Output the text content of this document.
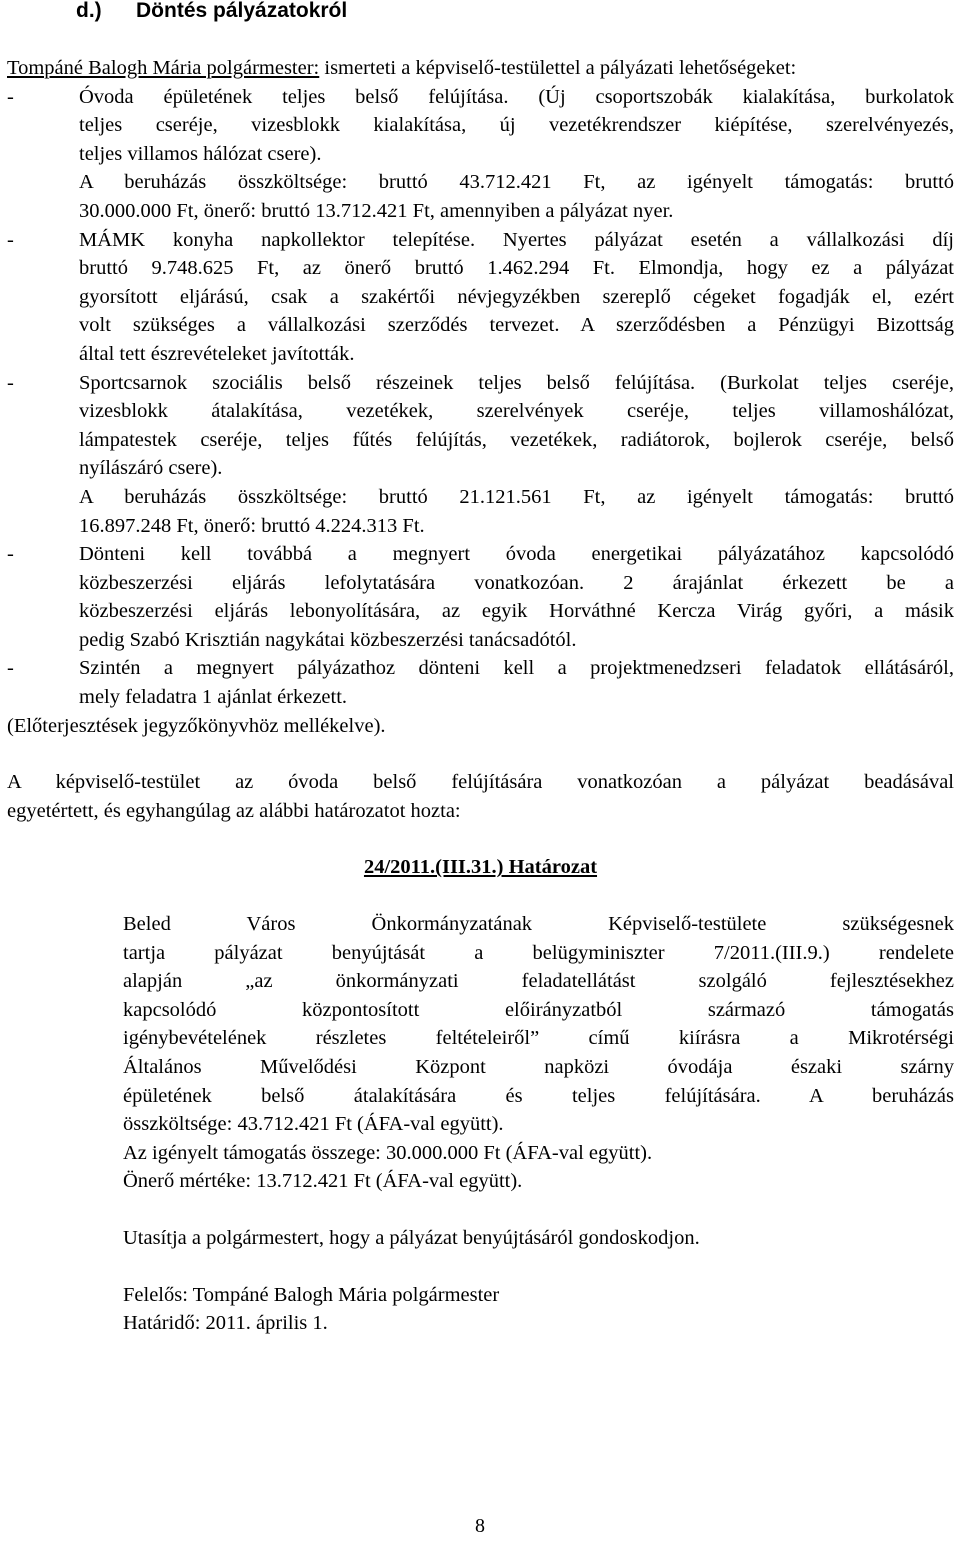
d.) Döntés pályázatokról

Tompáné Balogh Mária polgármester: ismerteti a képviselő-testülettel a pályázati lehetőségeket:

-	Óvoda épületének teljes belső felújítása. (Új csoportszobák kialakítása, burkolatok
teljes cseréje, vizesblokk kialakítása, új vezetékrendszer kiépítése, szerelvényezés,
teljes villamos hálózat csere).
A beruházás összköltsége: bruttó 43.712.421 Ft, az igényelt támogatás: bruttó
30.000.000 Ft, önerő: bruttó 13.712.421 Ft, amennyiben a pályázat nyer.
-	MÁMK konyha napkollektor telepítése. Nyertes pályázat esetén a vállalkozási díj
bruttó 9.748.625 Ft, az önerő bruttó 1.462.294 Ft. Elmondja, hogy ez a pályázat
gyorsított eljárású, csak a szakértői névjegyzékben szereplő cégeket fogadják el, ezért
volt szükséges a vállalkozási szerződés tervezet. A szerződésben a Pénzügyi Bizottság
által tett észrevételeket javították.
-	Sportcsarnok szociális belső részeinek teljes belső felújítása. (Burkolat teljes cseréje,
vizesblokk átalakítása, vezetékek, szerelvények cseréje, teljes villamoshálózat,
lámpatestek cseréje, teljes fűtés felújítás, vezetékek, radiátorok, bojlerok cseréje, belső
nyílászáró csere).
A beruházás összköltsége: bruttó 21.121.561 Ft, az igényelt támogatás: bruttó
16.897.248 Ft, önerő: bruttó 4.224.313 Ft.
-	Dönteni kell továbbá a megnyert óvoda energetikai pályázatához kapcsolódó
közbeszerzési eljárás lefolytatására vonatkozóan. 2 árajánlat érkezett be a
közbeszerzési eljárás lebonyolítására, az egyik Horváthné Kercza Virág győri, a másik
pedig Szabó Krisztián nagykátai közbeszerzési tanácsadótól.
-	Szintén a megnyert pályázathoz dönteni kell a projektmenedzseri feladatok ellátásáról,
mely feladatra 1 ajánlat érkezett.

(Előterjesztések jegyzőkönyvhöz mellékelve).

A képviselő-testület az óvoda belső felújítására vonatkozóan a pályázat beadásával
egyetértett, és egyhangúlag az alábbi határozatot hozta:

24/2011.(III.31.) Határozat

Beled Város Önkormányzatának Képviselő-testülete szükségesnek
tartja pályázat benyújtását a belügyminiszter 7/2011.(III.9.) rendelete
alapján „az önkormányzati feladatellátást szolgáló fejlesztésekhez
kapcsolódó központosított előirányzatból származó támogatás
igénybevételének részletes feltételeiről” című kiírásra a Mikrotérségi
Általános Művelődési Központ napközi óvodája északi szárny
épületének belső átalakítására és teljes felújítására. A beruházás
összköltsége: 43.712.421 Ft (ÁFA-val együtt).
Az igényelt támogatás összege: 30.000.000 Ft (ÁFA-val együtt).
Önerő mértéke: 13.712.421 Ft (ÁFA-val együtt).
Utasítja a polgármestert, hogy a pályázat benyújtásáról gondoskodjon.
Felelős: Tompáné Balogh Mária polgármester
Határidő: 2011. április 1.
8
